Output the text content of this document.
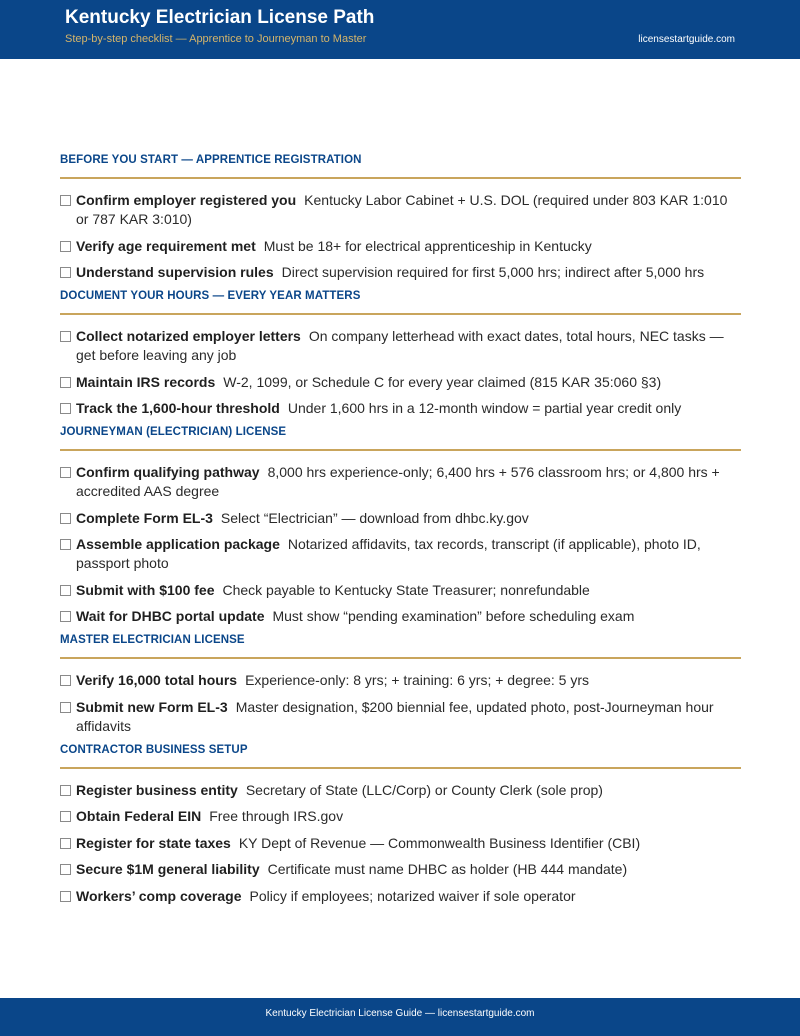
Kentucky Electrician License Path
Step-by-step checklist — Apprentice to Journeyman to Master	licensestartguide.com
BEFORE YOU START — APPRENTICE REGISTRATION
Confirm employer registered you Kentucky Labor Cabinet + U.S. DOL (required under 803 KAR 1:010 or 787 KAR 3:010)
Verify age requirement met Must be 18+ for electrical apprenticeship in Kentucky
Understand supervision rules Direct supervision required for first 5,000 hrs; indirect after 5,000 hrs
DOCUMENT YOUR HOURS — EVERY YEAR MATTERS
Collect notarized employer letters On company letterhead with exact dates, total hours, NEC tasks — get before leaving any job
Maintain IRS records W-2, 1099, or Schedule C for every year claimed (815 KAR 35:060 §3)
Track the 1,600-hour threshold Under 1,600 hrs in a 12-month window = partial year credit only
JOURNEYMAN (ELECTRICIAN) LICENSE
Confirm qualifying pathway 8,000 hrs experience-only; 6,400 hrs + 576 classroom hrs; or 4,800 hrs + accredited AAS degree
Complete Form EL-3 Select “Electrician” — download from dhbc.ky.gov
Assemble application package Notarized affidavits, tax records, transcript (if applicable), photo ID, passport photo
Submit with $100 fee Check payable to Kentucky State Treasurer; nonrefundable
Wait for DHBC portal update Must show “pending examination” before scheduling exam
MASTER ELECTRICIAN LICENSE
Verify 16,000 total hours Experience-only: 8 yrs; + training: 6 yrs; + degree: 5 yrs
Submit new Form EL-3 Master designation, $200 biennial fee, updated photo, post-Journeyman hour affidavits
CONTRACTOR BUSINESS SETUP
Register business entity Secretary of State (LLC/Corp) or County Clerk (sole prop)
Obtain Federal EIN Free through IRS.gov
Register for state taxes KY Dept of Revenue — Commonwealth Business Identifier (CBI)
Secure $1M general liability Certificate must name DHBC as holder (HB 444 mandate)
Workers’ comp coverage Policy if employees; notarized waiver if sole operator
Kentucky Electrician License Guide — licensestartguide.com
